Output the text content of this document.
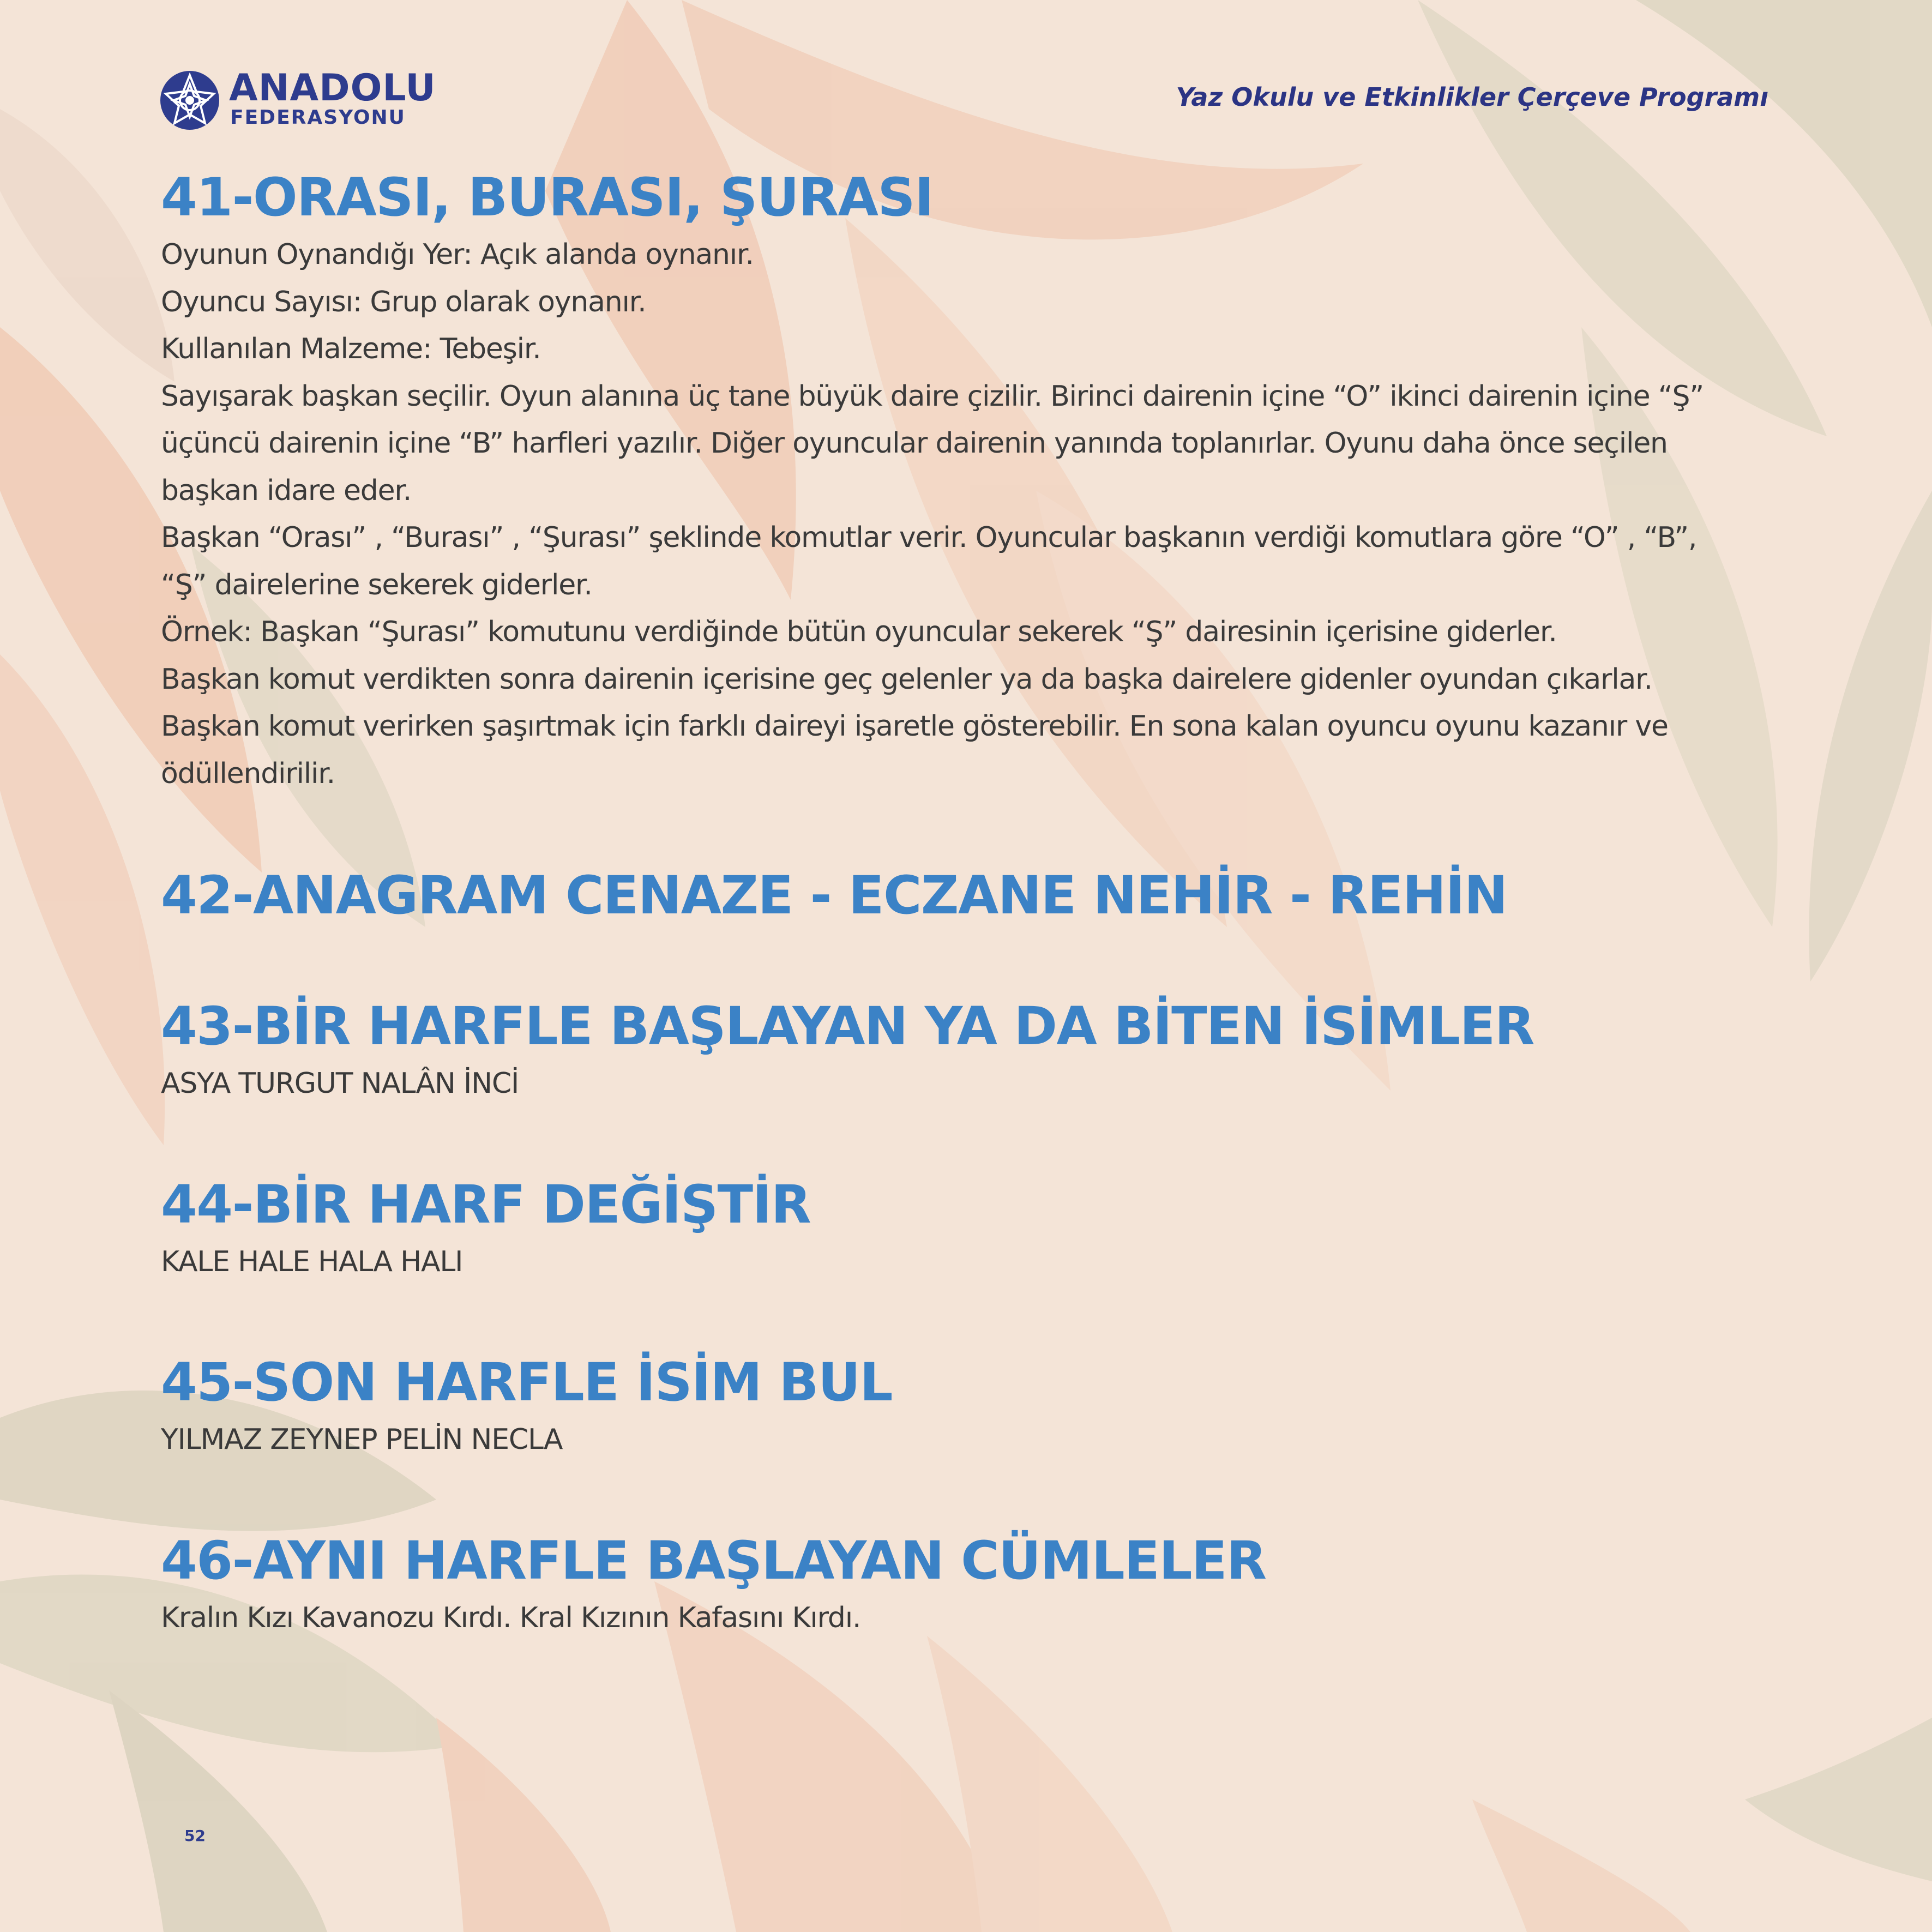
ANADOLU
FEDERASYONU
Yaz Okulu ve Etkinlikler Çerçeve Programı
41-ORASI, BURASI, ŞURASI

Oyunun Oynandığı Yer: Açık alanda oynanır.

Oyuncu Sayısı: Grup olarak oynanır.

Kullanılan Malzeme: Tebeşir.

Sayışarak başkan seçilir. Oyun alanına üç tane büyük daire çizilir. Birinci dairenin içine “O” ikinci dairenin içine “Ş”

üçüncü dairenin içine “B” harfleri yazılır. Diğer oyuncular dairenin yanında toplanırlar. Oyunu daha önce seçilen

başkan idare eder.

Başkan “Orası” , “Burası” , “Şurası” şeklinde komutlar verir. Oyuncular başkanın verdiği komutlara göre “O” , “B”,

“Ş” dairelerine sekerek giderler.

Örnek: Başkan “Şurası” komutunu verdiğinde bütün oyuncular sekerek “Ş” dairesinin içerisine giderler.

Başkan komut verdikten sonra dairenin içerisine geç gelenler ya da başka dairelere gidenler oyundan çıkarlar.

Başkan komut verirken şaşırtmak için farklı daireyi işaretle gösterebilir. En sona kalan oyuncu oyunu kazanır ve

ödüllendirilir.

42-ANAGRAM CENAZE - ECZANE NEHİR - REHİN
43-BİR HARFLE BAŞLAYAN YA DA BİTEN İSİMLER

ASYA TURGUT NALÂN İNCİ

44-BİR HARF DEĞİŞTİR

KALE HALE HALA HALI

45-SON HARFLE İSİM BUL

YILMAZ ZEYNEP PELİN NECLA

46-AYNI HARFLE BAŞLAYAN CÜMLELER

Kralın Kızı Kavanozu Kırdı. Kral Kızının Kafasını Kırdı.

52
